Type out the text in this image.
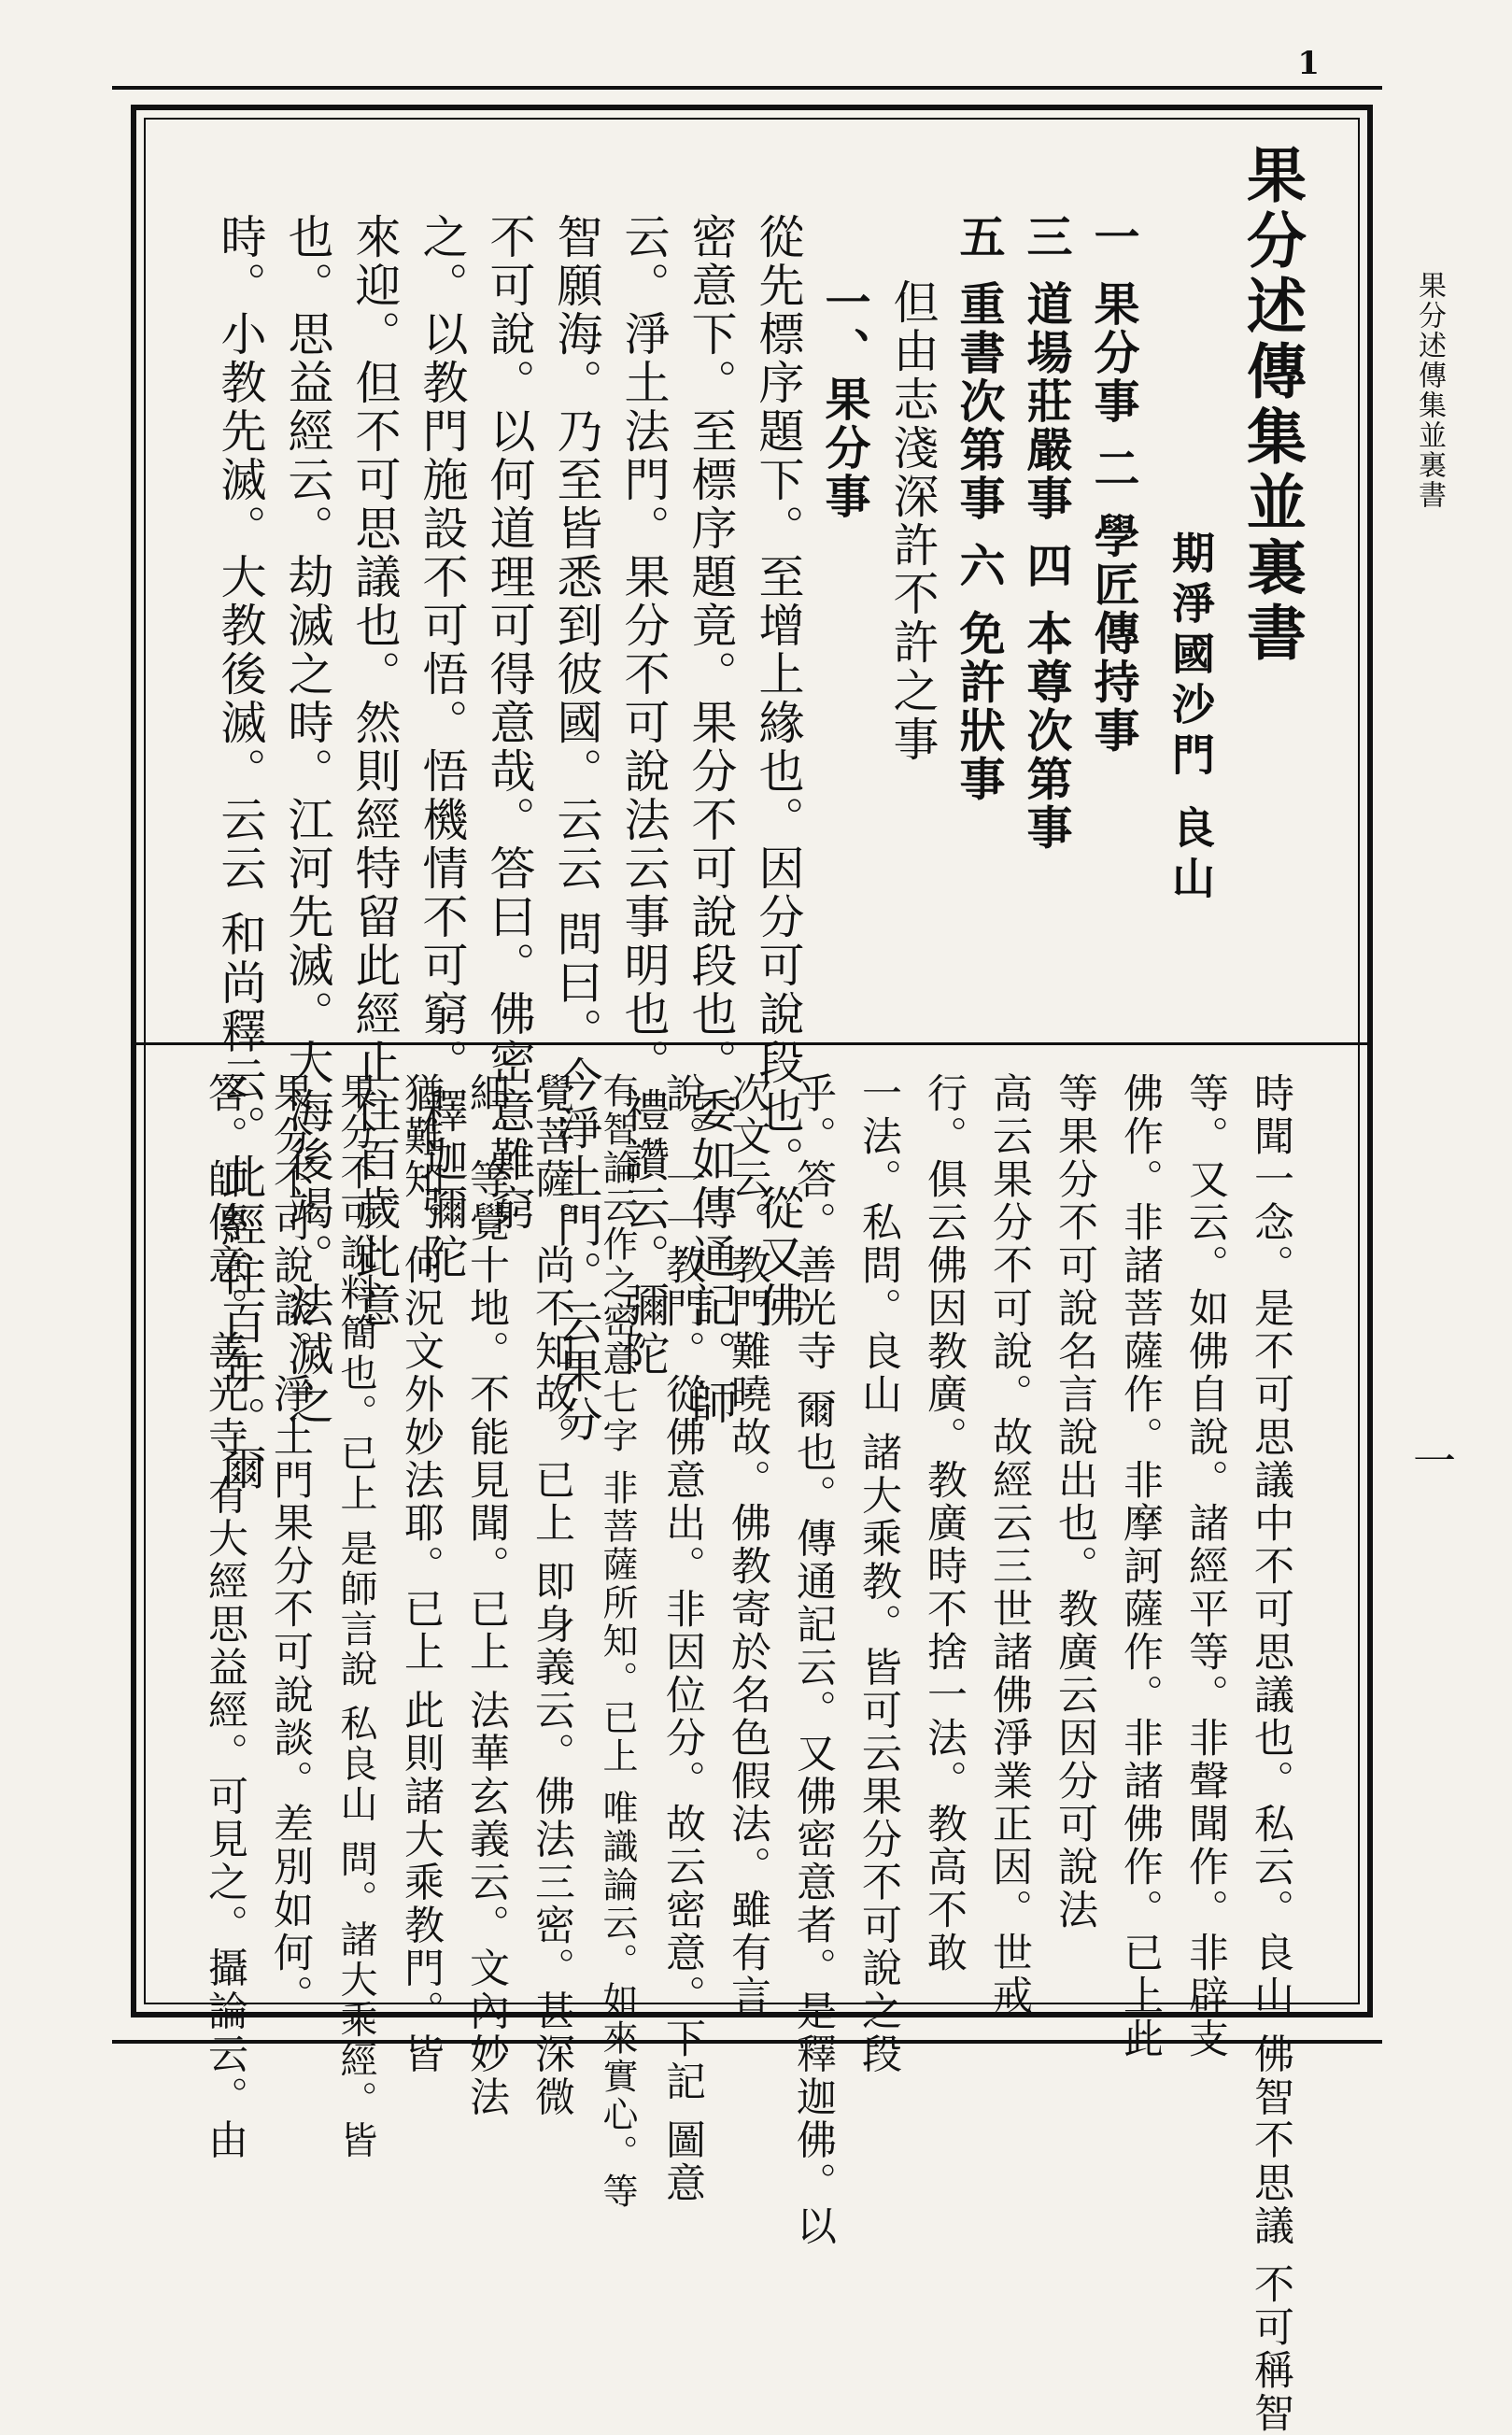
1
果分述傳集並裏書
一
果分述傳集並裏書
期淨國沙門 良山
一 果分事 二 學匠傳持事
三 道場莊嚴事 四 本尊次第事
五 重書次第事 六 免許狀事
但由志淺深許不許之事
一、果分事
從先標序題下。至增上緣也。因分可說段也。從又佛
密意下。至標序題竟。果分不可說段也。委如傳通記。師
云。淨土法門。果分不可說法云事明也。禮讚云。彌陀
智願海。乃至皆悉到彼國。云云 問曰。今淨土門。云果分
不可說。以何道理可得意哉。答曰。佛密意難窮
之。以教門施設不可悟。悟機情不可窮。釋迦彌陀
來迎。但不可思議也。然則經特留此經止住百歲此意
也。思益經云。劫滅之時。江河先滅。大海後竭。法滅之
時。小教先滅。大教後滅。云云 和尚釋云。此經住百年。爾
時聞一念。是不可思議中不可思議也。私云。良山 佛智不思議 不可稱智
等。又云。如佛自說。諸經平等。非聲聞作。非辟支
佛作。非諸菩薩作。非摩訶薩作。非諸佛作。已上此
等果分不可說名言說出也。教廣云因分可說法
高云果分不可說。故經云三世諸佛淨業正因。世戒
行。俱云佛因教廣。教廣時不捨一法。教高不敢
一法。私問。良山 諸大乘教。皆可云果分不可說之段
乎。答。善光寺 爾也。傳通記云。又佛密意者。是釋迦佛。以
次文云。教門難曉故。佛教寄於名色假法。雖有言
說。一一教門。從佛意出。非因位分。故云密意。下記 圖意
有智論云作之密意七字 非菩薩所知。已上 唯識論云。如來實心。等
覺菩薩。尚不知故。已上 即身義云。佛法三密。甚深微
細。等覺十地。不能見聞。已上 法華玄義云。文內妙法
猶難知。何況文外妙法耶。已上 此則諸大乘教門。皆
果分不可說料簡也。已上 是師言說 私良山 問。諸大乘經。皆
果分不可說談。淨土門果分不可說談。差別如何。
答。師傳意。善光寺 有大經思益經。可見之。攝論云。由
